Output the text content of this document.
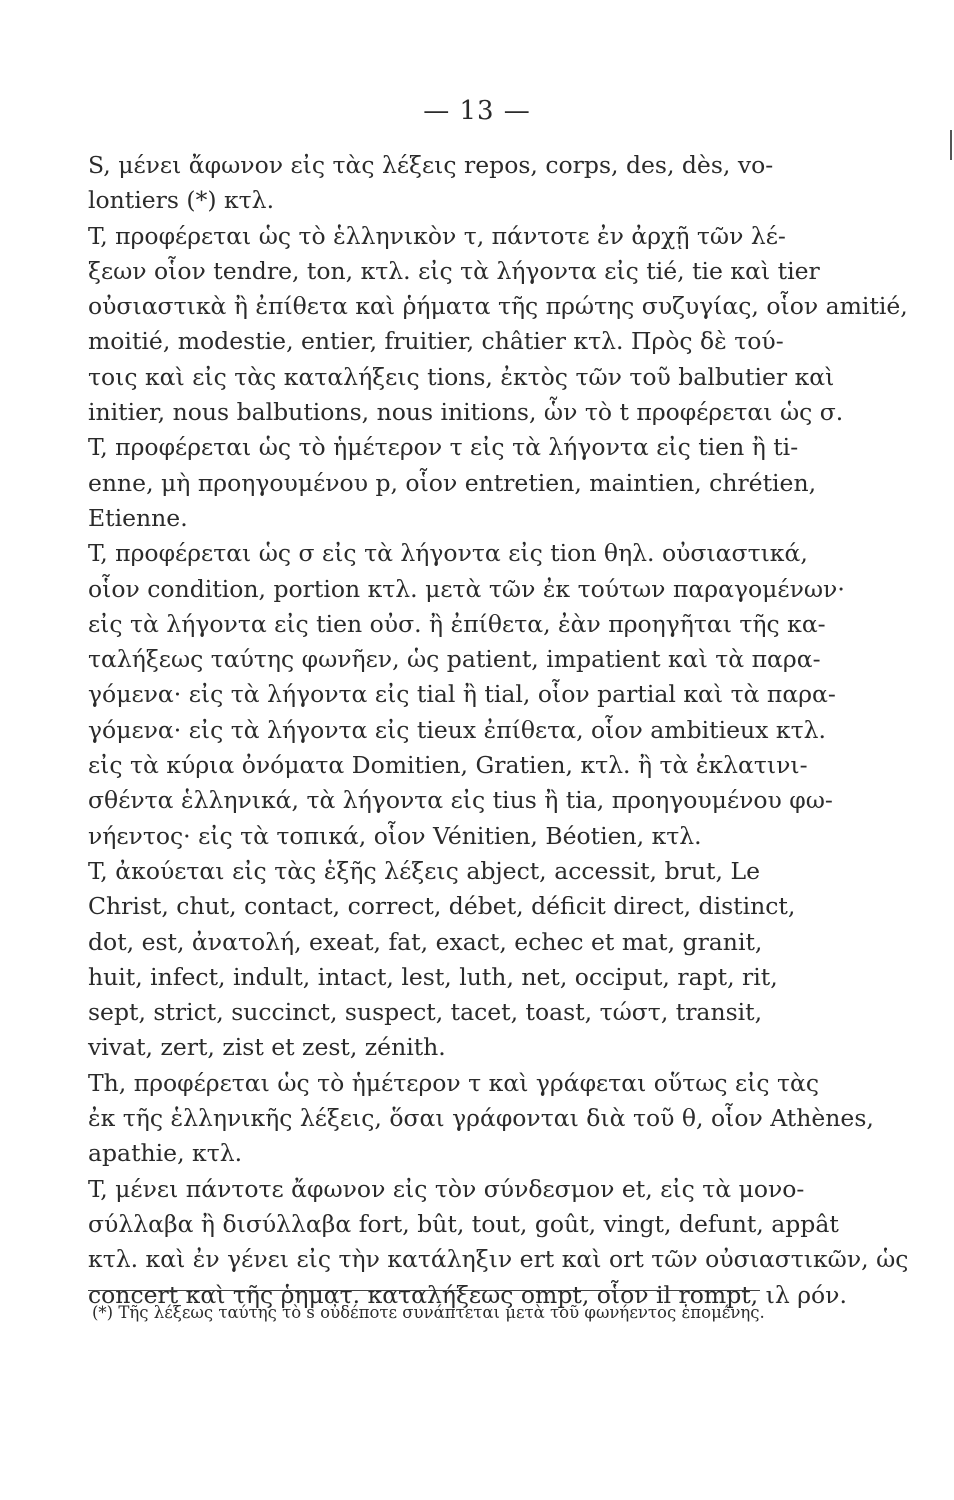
— 13 —
S, μένει ἄφωνον εἰς τὰς λέξεις repos, corps, des, dès, vo-
lontiers (*) κτλ.
T, προφέρεται ὡς τὸ ἑλληνικὸν τ, πάντοτε ἐν ἀρχῇ τῶν λέ-
ξεων οἷον tendre, ton, κτλ. εἰς τὰ λήγοντα εἰς tié, tie καὶ tier
οὐσιαστικὰ ἢ ἐπίθετα καὶ ῥήματα τῆς πρώτης συζυγίας, οἷον amitié,
moitié, modestie, entier, fruitier, châtier κτλ. Πρὸς δὲ τού-
τοις καὶ εἰς τὰς καταλήξεις tions, ἐκτὸς τῶν τοῦ balbutier καὶ
initier, nous balbutions, nous initions, ὧν τὸ t προφέρεται ὡς σ.
T, προφέρεται ὡς τὸ ἡμέτερον τ εἰς τὰ λήγοντα εἰς tien ἢ ti-
enne, μὴ προηγουμένου p, οἷον entretien, maintien, chrétien,
Etienne.
T, προφέρεται ὡς σ εἰς τὰ λήγοντα εἰς tion θηλ. οὐσιαστικά,
οἷον condition, portion κτλ. μετὰ τῶν ἐκ τούτων παραγομένων·
εἰς τὰ λήγοντα εἰς tien οὐσ. ἢ ἐπίθετα, ἐὰν προηγῆται τῆς κα-
ταλήξεως ταύτης φωνῆεν, ὡς patient, impatient καὶ τὰ παρα-
γόμενα· εἰς τὰ λήγοντα εἰς tial ἢ tial, οἷον partial καὶ τὰ παρα-
γόμενα· εἰς τὰ λήγοντα εἰς tieux ἐπίθετα, οἷον ambitieux κτλ.
εἰς τὰ κύρια ὀνόματα Domitien, Gratien, κτλ. ἢ τὰ ἐκλατινι-
σθέντα ἑλληνικά, τὰ λήγοντα εἰς tius ἢ tia, προηγουμένου φω-
νήεντος· εἰς τὰ τοπικά, οἷον Vénitien, Béotien, κτλ.
T, ἀκούεται εἰς τὰς ἑξῆς λέξεις abject, accessit, brut, Le
Christ, chut, contact, correct, débet, déficit direct, distinct,
dot, est, ἀνατολή, exeat, fat, exact, echec et mat, granit,
huit, infect, indult, intact, lest, luth, net, occiput, rapt, rit,
sept, strict, succinct, suspect, tacet, toast, τώστ, transit,
vivat, zert, zist et zest, zénith.
Th, προφέρεται ὡς τὸ ἡμέτερον τ καὶ γράφεται οὕτως εἰς τὰς
ἐκ τῆς ἑλληνικῆς λέξεις, ὅσαι γράφονται διὰ τοῦ θ, οἷον Athènes,
apathie, κτλ.
T, μένει πάντοτε ἄφωνον εἰς τὸν σύνδεσμον et, εἰς τὰ μονο-
σύλλαβα ἢ δισύλλαβα fort, bût, tout, goût, vingt, defunt, appât
κτλ. καὶ ἐν γένει εἰς τὴν κατάληξιν ert καὶ ort τῶν οὐσιαστικῶν, ὡς
concert καὶ τῆς ῥηματ. καταλήξεως ompt, οἷον il rompt, ιλ ρόν.
(*) Τῆς λέξεως ταύτης τὸ s οὐδέποτε συνάπτεται μετὰ τοῦ φωνήεντος ἑπομένης.
